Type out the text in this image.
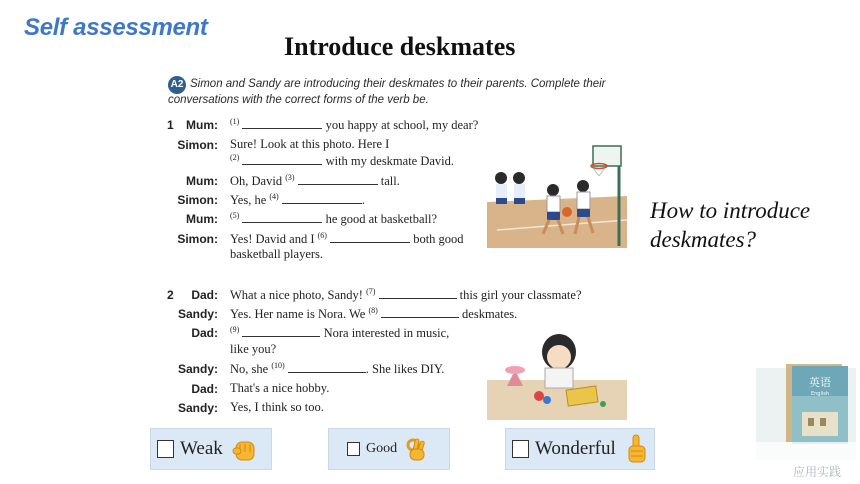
Self assessment
Introduce deskmates
Simon and Sandy are introducing their deskmates to their parents. Complete their conversations with the correct forms of the verb be.
A2
1	Mum: $^{(1)}$	you happy at school, my dear?
Simon: Sure! Look at this photo. Here I
$^{(2)}$	with my deskmate David.
Mum: Oh, David $^{(3)}$	tall.
Simon: Yes, he $^{(4)}$	.
Mum: $^{(5)}$	he good at basketball?
Simon: Yes! David and I $^{(6)}$	both good
basketball players.
2	Dad: What a nice photo, Sandy! $^{(7)}$	this girl your classmate?
Sandy: Yes. Her name is Nora. We $^{(8)}$	deskmates.
Dad: $^{(9)}$	Nora interested in music,
like you?
Sandy: No, she $^{(10)}$	. She likes DIY.
Dad: That's a nice hobby.
Sandy: Yes, I think so too.
How to introduce
deskmates?
Weak	Good	Wonderful
英语
English
应用实践
